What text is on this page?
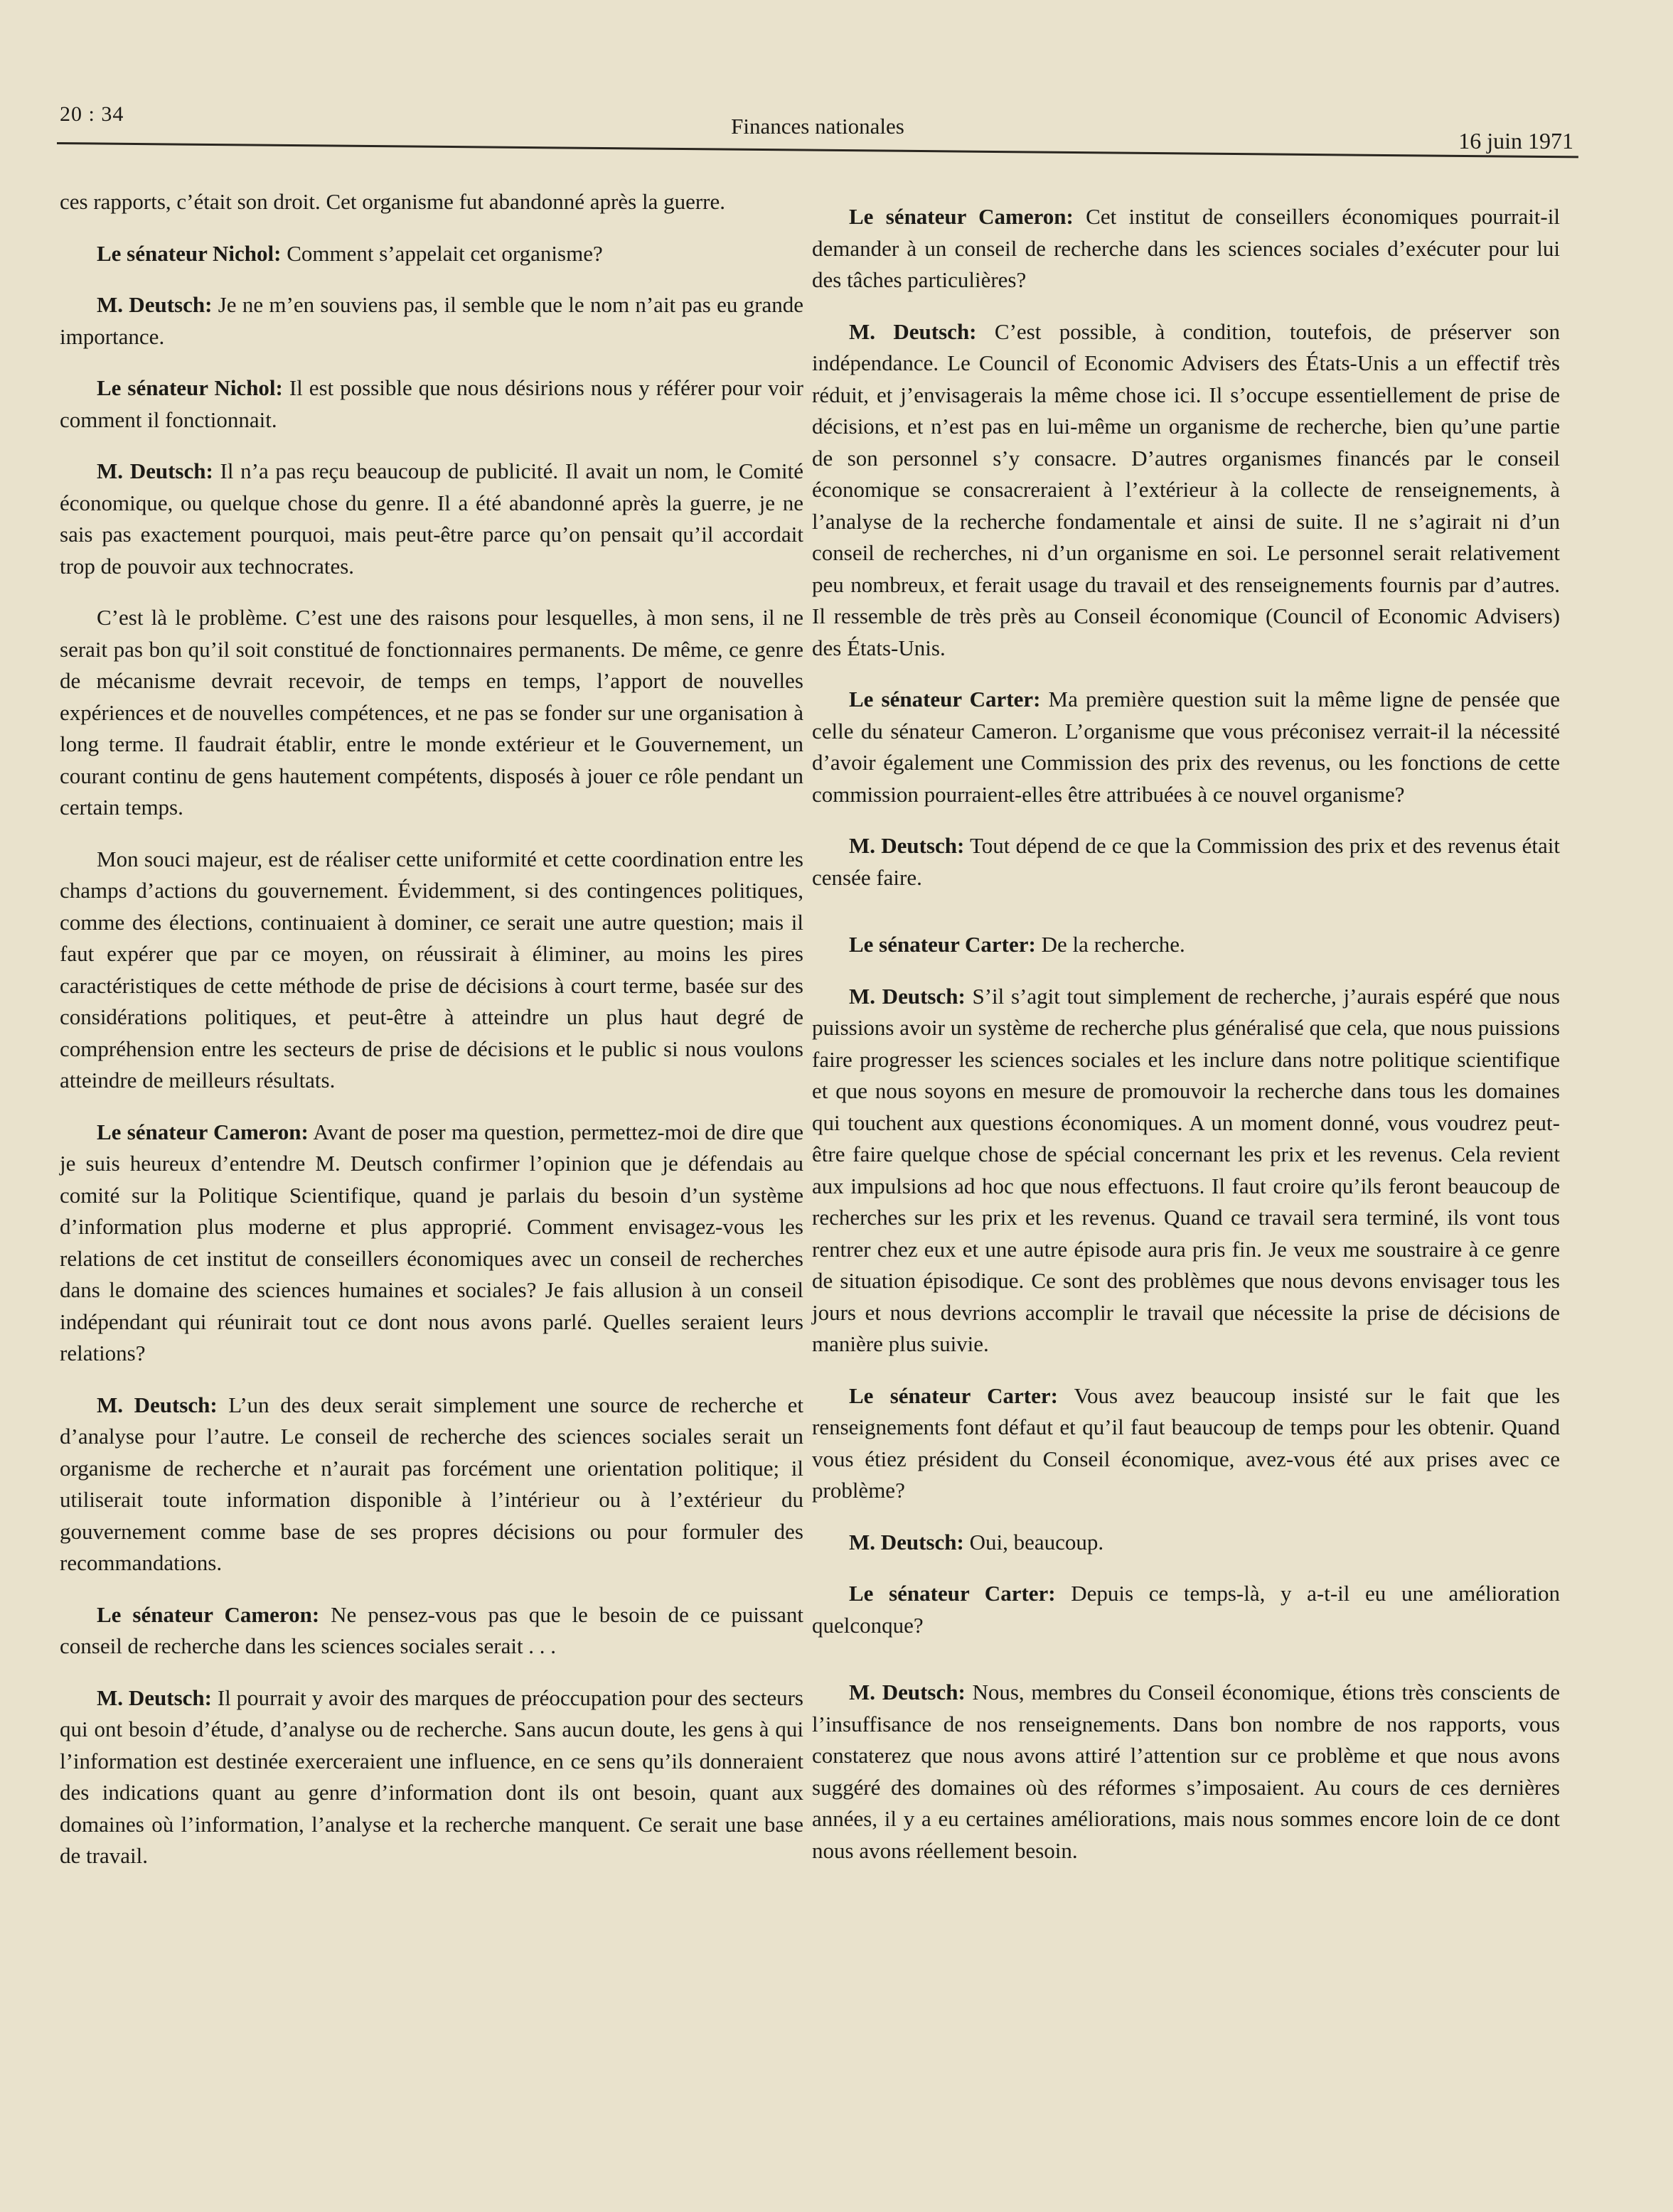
20 : 34	Finances nationales
16 juin 1971

ces rapports, c’était son droit. Cet organisme fut abandonné après la guerre.

Le sénateur Nichol: Comment s’appelait cet organisme?

M. Deutsch: Je ne m’en souviens pas, il semble que le nom n’ait pas eu grande importance.

Le sénateur Nichol: Il est possible que nous désirions nous y référer pour voir comment il fonctionnait.

M. Deutsch: Il n’a pas reçu beaucoup de publicité. Il avait un nom, le Comité économique, ou quelque chose du genre. Il a été abandonné après la guerre, je ne sais pas exactement pourquoi, mais peut-être parce qu’on pensait qu’il accordait trop de pouvoir aux technocrates.

C’est là le problème. C’est une des raisons pour lesquelles, à mon sens, il ne serait pas bon qu’il soit constitué de fonctionnaires permanents. De même, ce genre de mécanisme devrait recevoir, de temps en temps, l’apport de nouvelles expériences et de nouvelles compétences, et ne pas se fonder sur une organisation à long terme. Il faudrait établir, entre le monde extérieur et le Gouvernement, un courant continu de gens hautement compétents, disposés à jouer ce rôle pendant un certain temps.

Mon souci majeur, est de réaliser cette uniformité et cette coordination entre les champs d’actions du gouvernement. Évidemment, si des contingences politiques, comme des élections, continuaient à dominer, ce serait une autre question; mais il faut expérer que par ce moyen, on réussirait à éliminer, au moins les pires caractéristiques de cette méthode de prise de décisions à court terme, basée sur des considérations politiques, et peut-être à atteindre un plus haut degré de compréhension entre les secteurs de prise de décisions et le public si nous voulons atteindre de meilleurs résultats.

Le sénateur Cameron: Avant de poser ma question, permettez-moi de dire que je suis heureux d’entendre M. Deutsch confirmer l’opinion que je défendais au comité sur la Politique Scientifique, quand je parlais du besoin d’un système d’information plus moderne et plus approprié. Comment envisagez-vous les relations de cet institut de conseillers économiques avec un conseil de recherches dans le domaine des sciences humaines et sociales? Je fais allusion à un conseil indépendant qui réunirait tout ce dont nous avons parlé. Quelles seraient leurs relations?

M. Deutsch: L’un des deux serait simplement une source de recherche et d’analyse pour l’autre. Le conseil de recherche des sciences sociales serait un organisme de recherche et n’aurait pas forcément une orientation politique; il utiliserait toute information disponible à l’intérieur ou à l’extérieur du gouvernement comme base de ses propres décisions ou pour formuler des recommandations.

Le sénateur Cameron: Ne pensez-vous pas que le besoin de ce puissant conseil de recherche dans les sciences sociales serait . . .

M. Deutsch: Il pourrait y avoir des marques de préoccupation pour des secteurs qui ont besoin d’étude, d’analyse ou de recherche. Sans aucun doute, les gens à qui l’information est destinée exerceraient une influence, en ce sens qu’ils donneraient des indications quant au genre d’information dont ils ont besoin, quant aux domaines où l’information, l’analyse et la recherche manquent. Ce serait une base de travail.

Le sénateur Cameron: Cet institut de conseillers économiques pourrait-il demander à un conseil de recherche dans les sciences sociales d’exécuter pour lui des tâches particulières?

M. Deutsch: C’est possible, à condition, toutefois, de préserver son indépendance. Le Council of Economic Advisers des États-Unis a un effectif très réduit, et j’envisagerais la même chose ici. Il s’occupe essentiellement de prise de décisions, et n’est pas en lui-même un organisme de recherche, bien qu’une partie de son personnel s’y consacre. D’autres organismes financés par le conseil économique se consacreraient à l’extérieur à la collecte de renseignements, à l’analyse de la recherche fondamentale et ainsi de suite. Il ne s’agirait ni d’un conseil de recherches, ni d’un organisme en soi. Le personnel serait relativement peu nombreux, et ferait usage du travail et des renseignements fournis par d’autres. Il ressemble de très près au Conseil économique (Council of Economic Advisers) des États-Unis.

Le sénateur Carter: Ma première question suit la même ligne de pensée que celle du sénateur Cameron. L’organisme que vous préconisez verrait-il la nécessité d’avoir également une Commission des prix des revenus, ou les fonctions de cette commission pourraient-elles être attribuées à ce nouvel organisme?

M. Deutsch: Tout dépend de ce que la Commission des prix et des revenus était censée faire.

Le sénateur Carter: De la recherche.

M. Deutsch: S’il s’agit tout simplement de recherche, j’aurais espéré que nous puissions avoir un système de recherche plus généralisé que cela, que nous puissions faire progresser les sciences sociales et les inclure dans notre politique scientifique et que nous soyons en mesure de promouvoir la recherche dans tous les domaines qui touchent aux questions économiques. A un moment donné, vous voudrez peut-être faire quelque chose de spécial concernant les prix et les revenus. Cela revient aux impulsions ad hoc que nous effectuons. Il faut croire qu’ils feront beaucoup de recherches sur les prix et les revenus. Quand ce travail sera terminé, ils vont tous rentrer chez eux et une autre épisode aura pris fin. Je veux me soustraire à ce genre de situation épisodique. Ce sont des problèmes que nous devons envisager tous les jours et nous devrions accomplir le travail que nécessite la prise de décisions de manière plus suivie.

Le sénateur Carter: Vous avez beaucoup insisté sur le fait que les renseignements font défaut et qu’il faut beaucoup de temps pour les obtenir. Quand vous étiez président du Conseil économique, avez-vous été aux prises avec ce problème?

M. Deutsch: Oui, beaucoup.

Le sénateur Carter: Depuis ce temps-là, y a-t-il eu une amélioration quelconque?

M. Deutsch: Nous, membres du Conseil économique, étions très conscients de l’insuffisance de nos renseignements. Dans bon nombre de nos rapports, vous constaterez que nous avons attiré l’attention sur ce problème et que nous avons suggéré des domaines où des réformes s’imposaient. Au cours de ces dernières années, il y a eu certaines améliorations, mais nous sommes encore loin de ce dont nous avons réellement besoin.
